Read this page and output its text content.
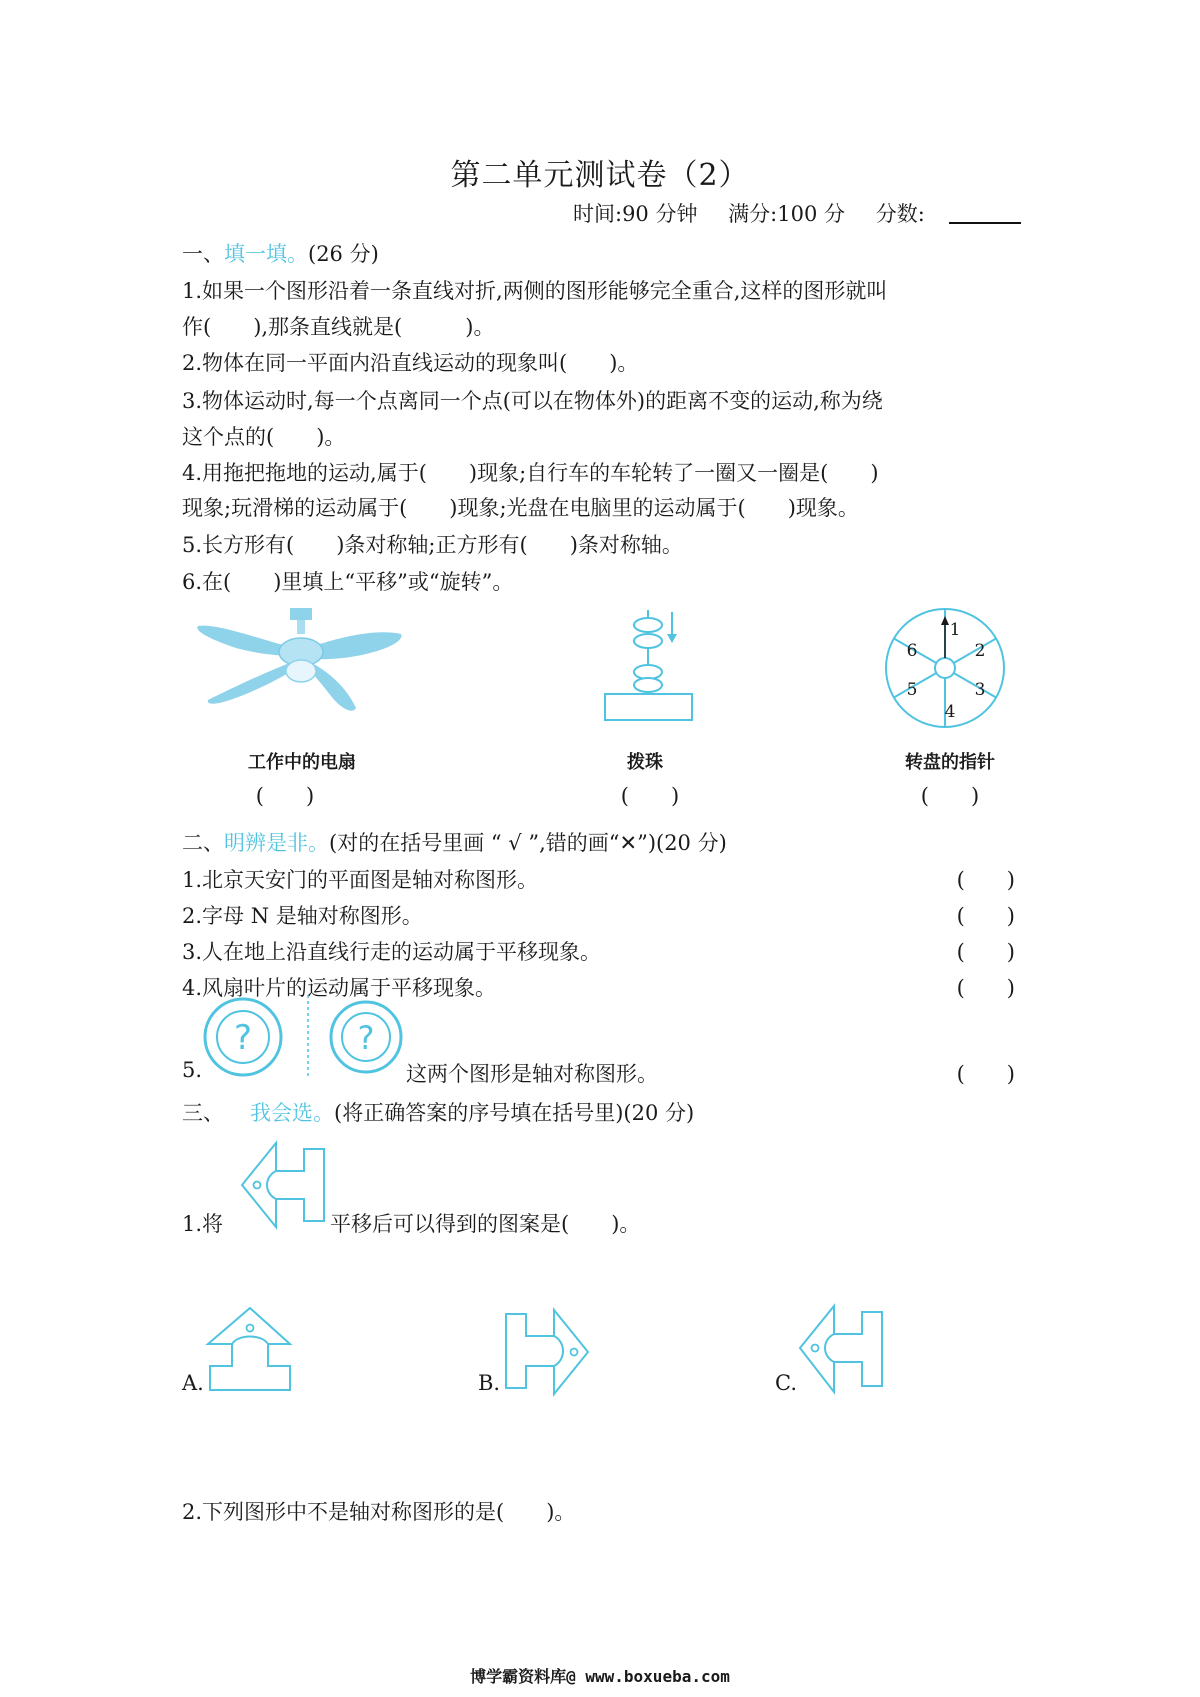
第二单元测试卷（2）
时间:90 分钟 满分:100 分 分数:
一、填一填。(26 分)
1.如果一个图形沿着一条直线对折,两侧的图形能够完全重合,这样的图形就叫
作(　　),那条直线就是(　　　)。
2.物体在同一平面内沿直线运动的现象叫(　　)。
3.物体运动时,每一个点离同一个点(可以在物体外)的距离不变的运动,称为绕
这个点的(　　)。
4.用拖把拖地的运动,属于(　　)现象;自行车的车轮转了一圈又一圈是(　　)
现象;玩滑梯的运动属于(　　)现象;光盘在电脑里的运动属于(　　)现象。
5.长方形有(　　)条对称轴;正方形有(　　)条对称轴。
6.在(　　)里填上“平移”或“旋转”。
1
2
3
4
5
6
工作中的电扇	拨珠	转盘的指针
(　　)	(　　)	(　　)
二、明辨是非。(对的在括号里画 “ √ ”,错的画“✕”)(20 分)
1.北京天安门的平面图是轴对称图形。	(　　)
2.字母 N 是轴对称图形。	(　　)
3.人在地上沿直线行走的运动属于平移现象。	(　　)
4.风扇叶片的运动属于平移现象。	(　　)
5.
?	?
这两个图形是轴对称图形。	(　　)
三、 我会选。(将正确答案的序号填在括号里)(20 分)
1.将	平移后可以得到的图案是(　　)。
A.	B.	C.
2.下列图形中不是轴对称图形的是(　　)。
博学霸资料库@ www.boxueba.com
